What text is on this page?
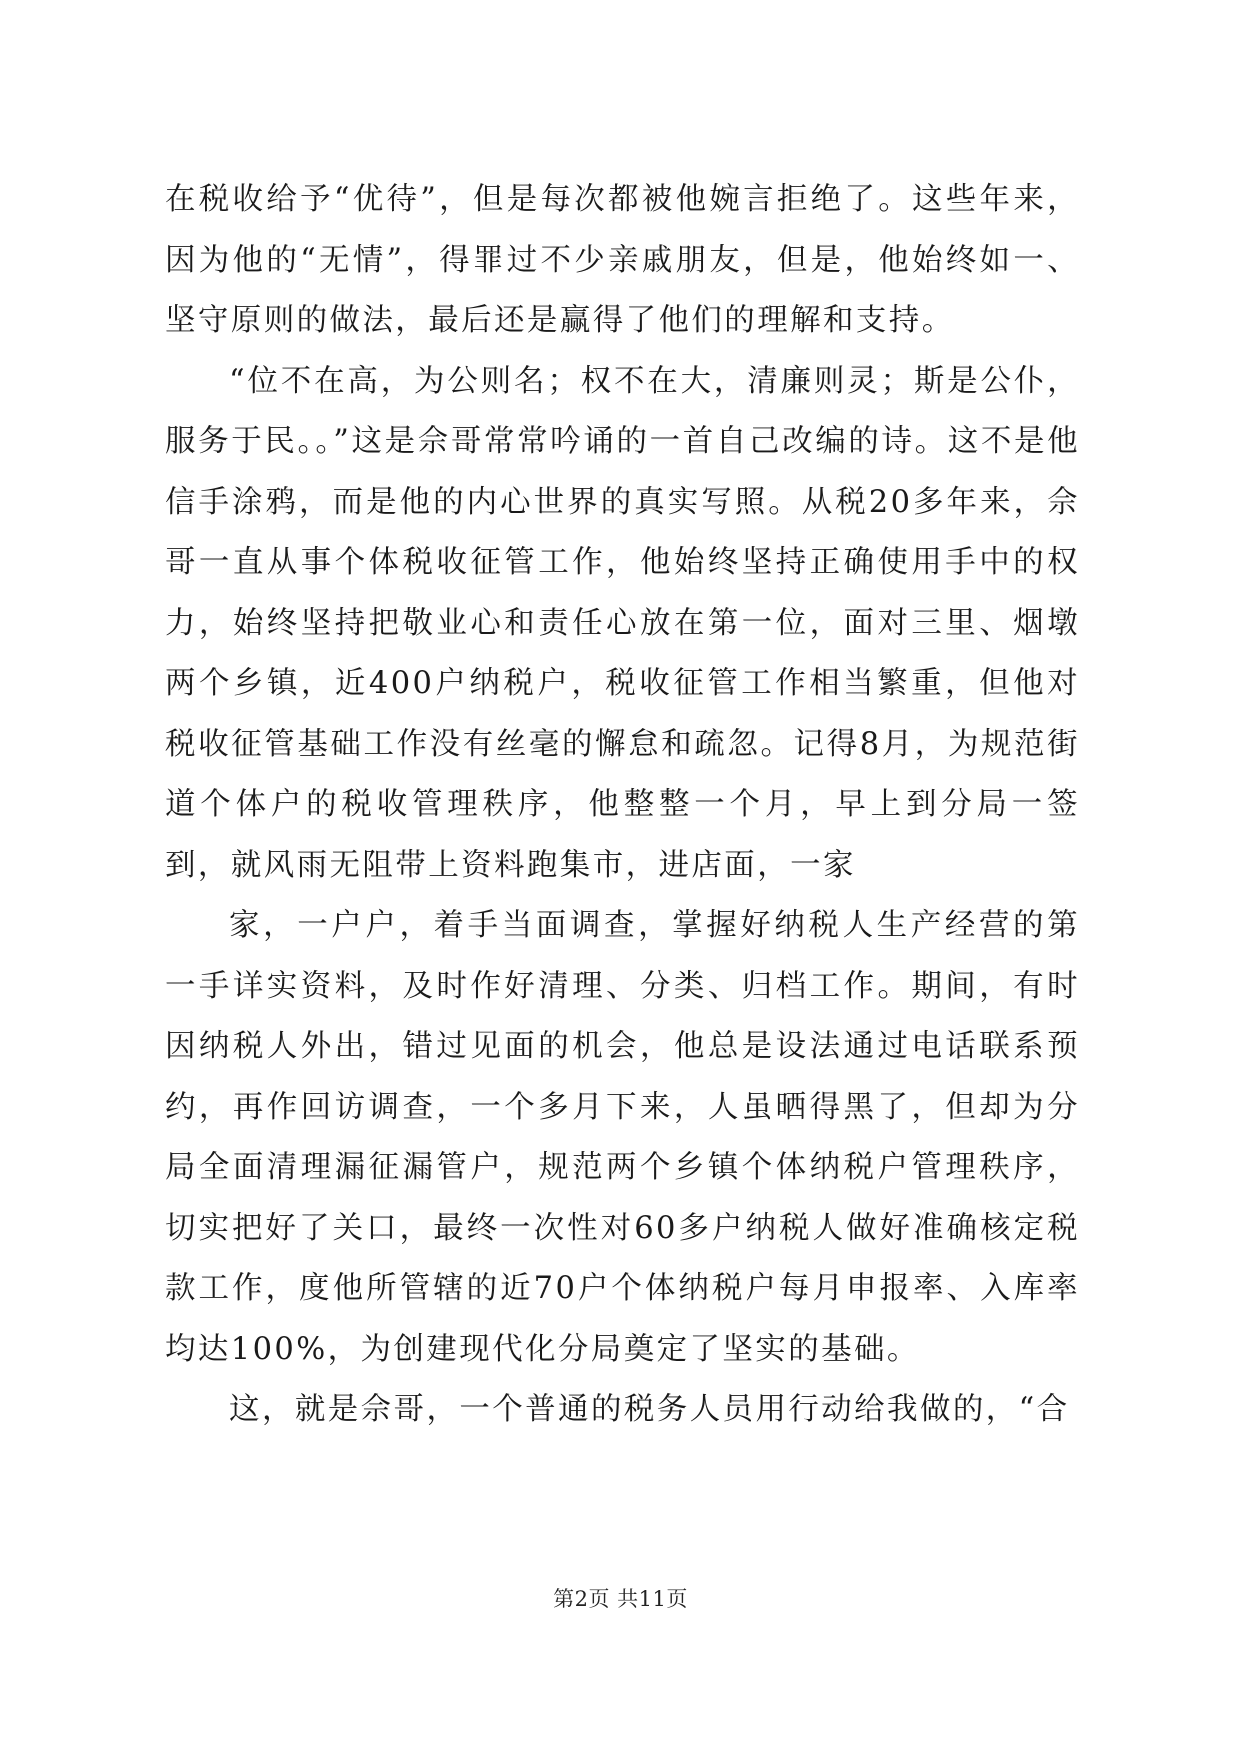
在税收给予“优待”，但是每次都被他婉言拒绝了。这些年来，因为他的“无情”，得罪过不少亲戚朋友，但是，他始终如一、坚守原则的做法，最后还是赢得了他们的理解和支持。

“位不在高，为公则名；权不在大，清廉则灵；斯是公仆，服务于民。。”这是佘哥常常吟诵的一首自己改编的诗。这不是他信手涂鸦，而是他的内心世界的真实写照。从税20多年来，佘哥一直从事个体税收征管工作，他始终坚持正确使用手中的权力，始终坚持把敬业心和责任心放在第一位，面对三里、烟墩两个乡镇，近400户纳税户，税收征管工作相当繁重，但他对税收征管基础工作没有丝毫的懈怠和疏忽。记得8月，为规范街道个体户的税收管理秩序，他整整一个月，早上到分局一签到，就风雨无阻带上资料跑集市，进店面，一家

家，一户户，着手当面调查，掌握好纳税人生产经营的第一手详实资料，及时作好清理、分类、归档工作。期间，有时因纳税人外出，错过见面的机会，他总是设法通过电话联系预约，再作回访调查，一个多月下来，人虽晒得黑了，但却为分局全面清理漏征漏管户，规范两个乡镇个体纳税户管理秩序，切实把好了关口，最终一次性对60多户纳税人做好准确核定税款工作，度他所管辖的近70户个体纳税户每月申报率、入库率均达100%，为创建现代化分局奠定了坚实的基础。

这，就是佘哥，一个普通的税务人员用行动给我做的，“合

第2页 共11页
